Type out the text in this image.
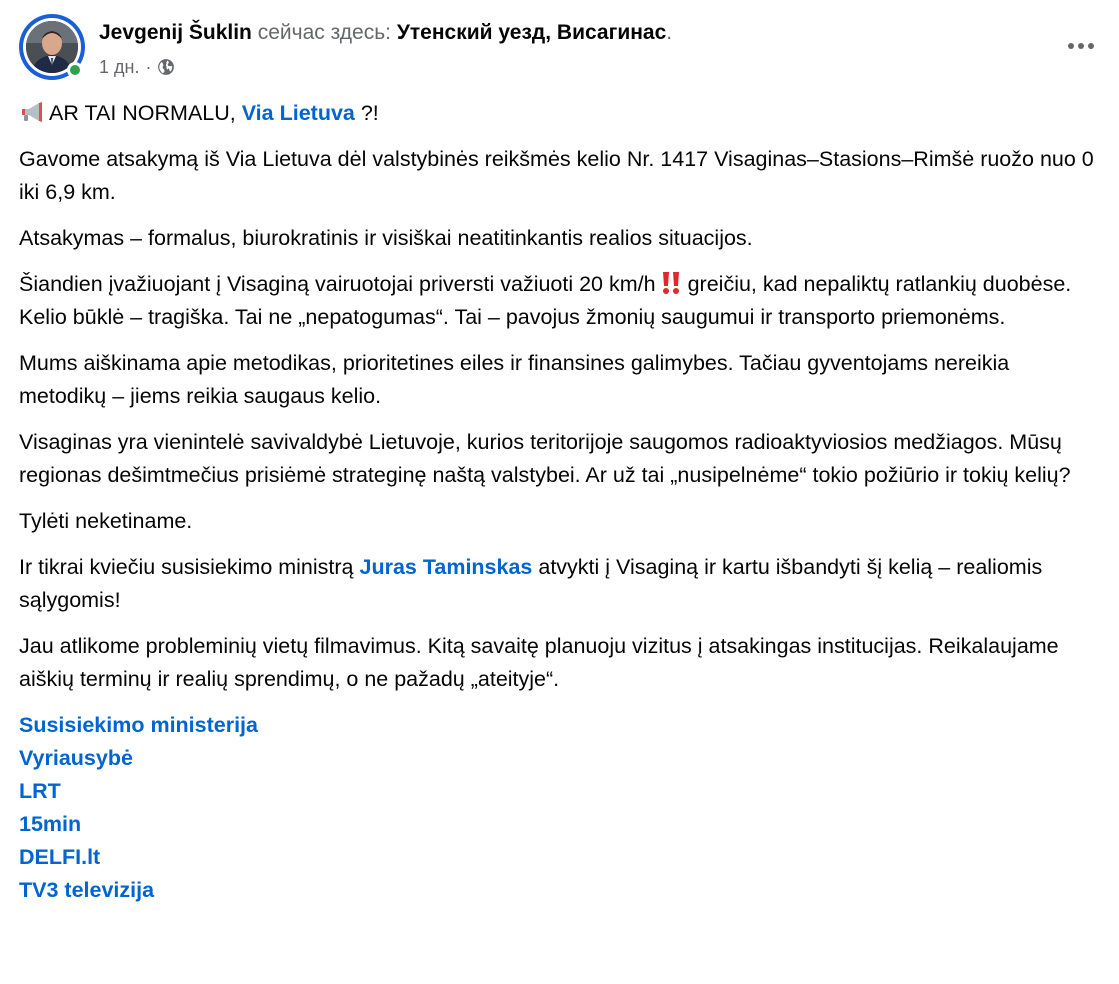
Jevgenij Šuklin сейчас здесь: Утенский уезд, Висагинас.
1 дн. ·
AR TAI NORMALU, Via Lietuva ?!
Gavome atsakymą iš Via Lietuva dėl valstybinės reikšmės kelio Nr. 1417 Visaginas–Stasions–Rimšė ruožo nuo 0 iki 6,9 km.
Atsakymas – formalus, biurokratinis ir visiškai neatitinkantis realios situacijos.
Šiandien įvažiuojant į Visaginą vairuotojai priversti važiuoti 20 km/h greičiu, kad nepaliktų ratlankių duobėse. Kelio būklė – tragiška. Tai ne „nepatogumas“. Tai – pavojus žmonių saugumui ir transporto priemonėms.
Mums aiškinama apie metodikas, prioritetines eiles ir finansines galimybes. Tačiau gyventojams nereikia metodikų – jiems reikia saugaus kelio.
Visaginas yra vienintelė savivaldybė Lietuvoje, kurios teritorijoje saugomos radioaktyviosios medžiagos. Mūsų regionas dešimtmečius prisiėmė strateginę naštą valstybei. Ar už tai „nusipelnėme“ tokio požiūrio ir tokių kelių?
Tylėti neketiname.
Ir tikrai kviečiu susisiekimo ministrą Juras Taminskas atvykti į Visaginą ir kartu išbandyti šį kelią – realiomis sąlygomis!
Jau atlikome probleminių vietų filmavimus. Kitą savaitę planuoju vizitus į atsakingas institucijas. Reikalaujame aiškių terminų ir realių sprendimų, o ne pažadų „ateityje“.
Susisiekimo ministerija
Vyriausybė
LRT
15min
DELFI.lt
TV3 televizija
